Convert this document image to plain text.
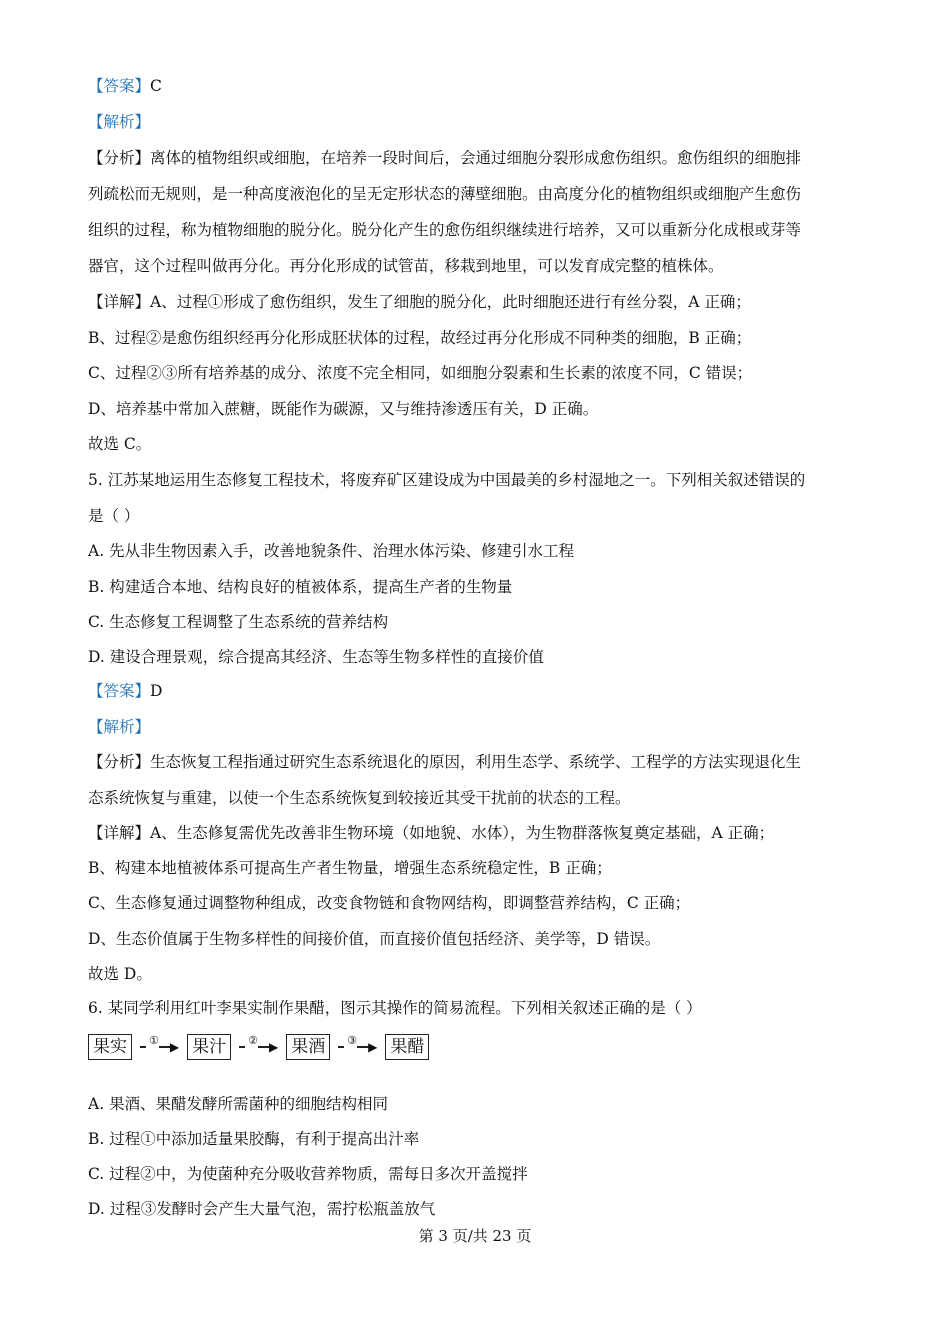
【答案】C
【解析】
【分析】离体的植物组织或细胞，在培养一段时间后，会通过细胞分裂形成愈伤组织。愈伤组织的细胞排
列疏松而无规则，是一种高度液泡化的呈无定形状态的薄壁细胞。由高度分化的植物组织或细胞产生愈伤
组织的过程，称为植物细胞的脱分化。脱分化产生的愈伤组织继续进行培养，又可以重新分化成根或芽等
器官，这个过程叫做再分化。再分化形成的试管苗，移栽到地里，可以发育成完整的植株体。
【详解】A、过程①形成了愈伤组织，发生了细胞的脱分化，此时细胞还进行有丝分裂，A 正确；
B、过程②是愈伤组织经再分化形成胚状体的过程，故经过再分化形成不同种类的细胞，B 正确；
C、过程②③所有培养基的成分、浓度不完全相同，如细胞分裂素和生长素的浓度不同，C 错误；
D、培养基中常加入蔗糖，既能作为碳源，又与维持渗透压有关，D 正确。
故选 C。
5. 江苏某地运用生态修复工程技术，将废弃矿区建设成为中国最美的乡村湿地之一。下列相关叙述错误的
是（ ）
A. 先从非生物因素入手，改善地貌条件、治理水体污染、修建引水工程
B. 构建适合本地、结构良好的植被体系，提高生产者的生物量
C. 生态修复工程调整了生态系统的营养结构
D. 建设合理景观，综合提高其经济、生态等生物多样性的直接价值
【答案】D
【解析】
【分析】生态恢复工程指通过研究生态系统退化的原因，利用生态学、系统学、工程学的方法实现退化生
态系统恢复与重建，以使一个生态系统恢复到较接近其受干扰前的状态的工程。
【详解】A、生态修复需优先改善非生物环境（如地貌、水体），为生物群落恢复奠定基础，A 正确；
B、构建本地植被体系可提高生产者生物量，增强生态系统稳定性，B 正确；
C、生态修复通过调整物种组成，改变食物链和食物网结构，即调整营养结构，C 正确；
D、生态价值属于生物多样性的间接价值，而直接价值包括经济、美学等，D 错误。
故选 D。
6. 某同学利用红叶李果实制作果醋，图示其操作的简易流程。下列相关叙述正确的是（ ）
果实	① ▶ 果汁	② ▶ 果酒	③ ▶ 果醋
A. 果酒、果醋发酵所需菌种的细胞结构相同
B. 过程①中添加适量果胶酶，有利于提高出汁率
C. 过程②中，为使菌种充分吸收营养物质，需每日多次开盖搅拌
D. 过程③发酵时会产生大量气泡，需拧松瓶盖放气
第 3 页/共 23 页
